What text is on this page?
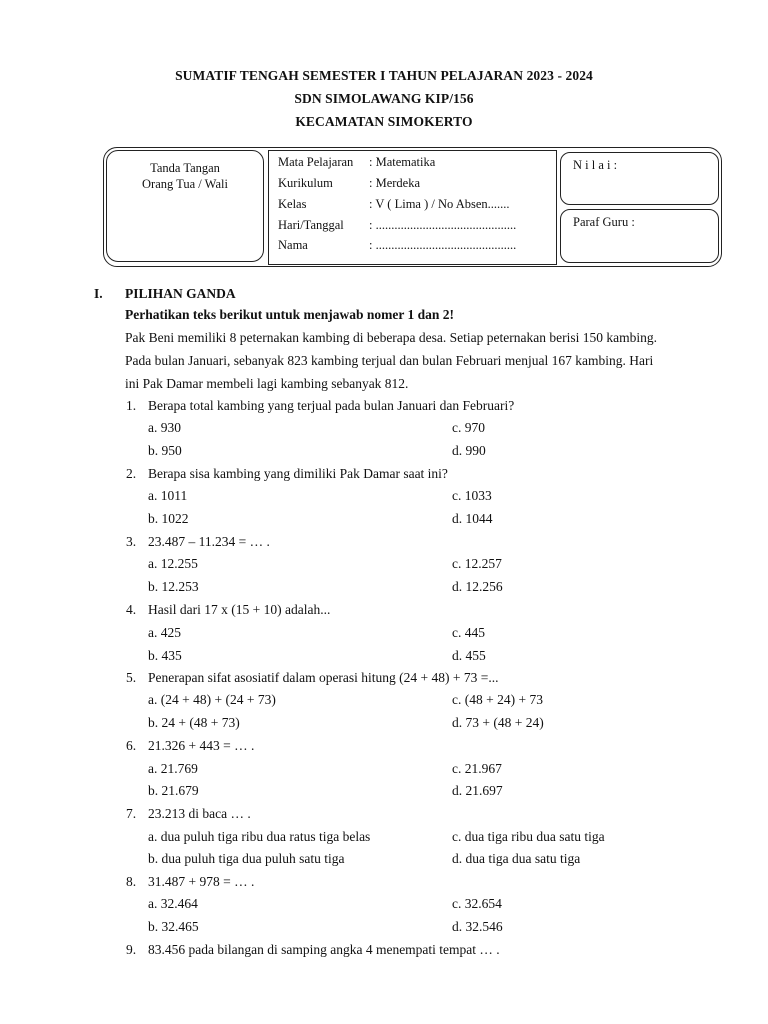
SUMATIF TENGAH SEMESTER I TAHUN PELAJARAN 2023 - 2024
SDN SIMOLAWANG KIP/156
KECAMATAN SIMOKERTO
Tanda Tangan
Orang Tua / Wali
Mata Pelajaran : Matematika
Kurikulum	: Merdeka
Kelas	: V ( Lima ) / No Absen.......
Hari/Tanggal : .............................................
Nama	: .............................................
N i l a i :
Paraf Guru :
I. PILIHAN GANDA
Perhatikan teks berikut untuk menjawab nomer 1 dan 2!
Pak Beni memiliki 8 peternakan kambing di beberapa desa. Setiap peternakan berisi 150 kambing.
Pada bulan Januari, sebanyak 823 kambing terjual dan bulan Februari menjual 167 kambing. Hari
ini Pak Damar membeli lagi kambing sebanyak 812.
1. Berapa total kambing yang terjual pada bulan Januari dan Februari?
a. 930	c. 970
b. 950	d. 990
2. Berapa sisa kambing yang dimiliki Pak Damar saat ini?
a. 1011	c. 1033
b. 1022	d. 1044
3. 23.487 – 11.234 = … .
a. 12.255	c. 12.257
b. 12.253	d. 12.256
4. Hasil dari 17 x (15 + 10) adalah...
a. 425	c. 445
b. 435	d. 455
5. Penerapan sifat asosiatif dalam operasi hitung (24 + 48) + 73 =...
a. (24 + 48) + (24 + 73)	c. (48 + 24) + 73
b. 24 + (48 + 73)	d. 73 + (48 + 24)
6. 21.326 + 443 = … .
a. 21.769	c. 21.967
b. 21.679	d. 21.697
7. 23.213 di baca … .
a. dua puluh tiga ribu dua ratus tiga belas	c. dua tiga ribu dua satu tiga
b. dua puluh tiga dua puluh satu tiga	d. dua tiga dua satu tiga
8. 31.487 + 978 = … .
a. 32.464	c. 32.654
b. 32.465	d. 32.546
9. 83.456 pada bilangan di samping angka 4 menempati tempat … .
